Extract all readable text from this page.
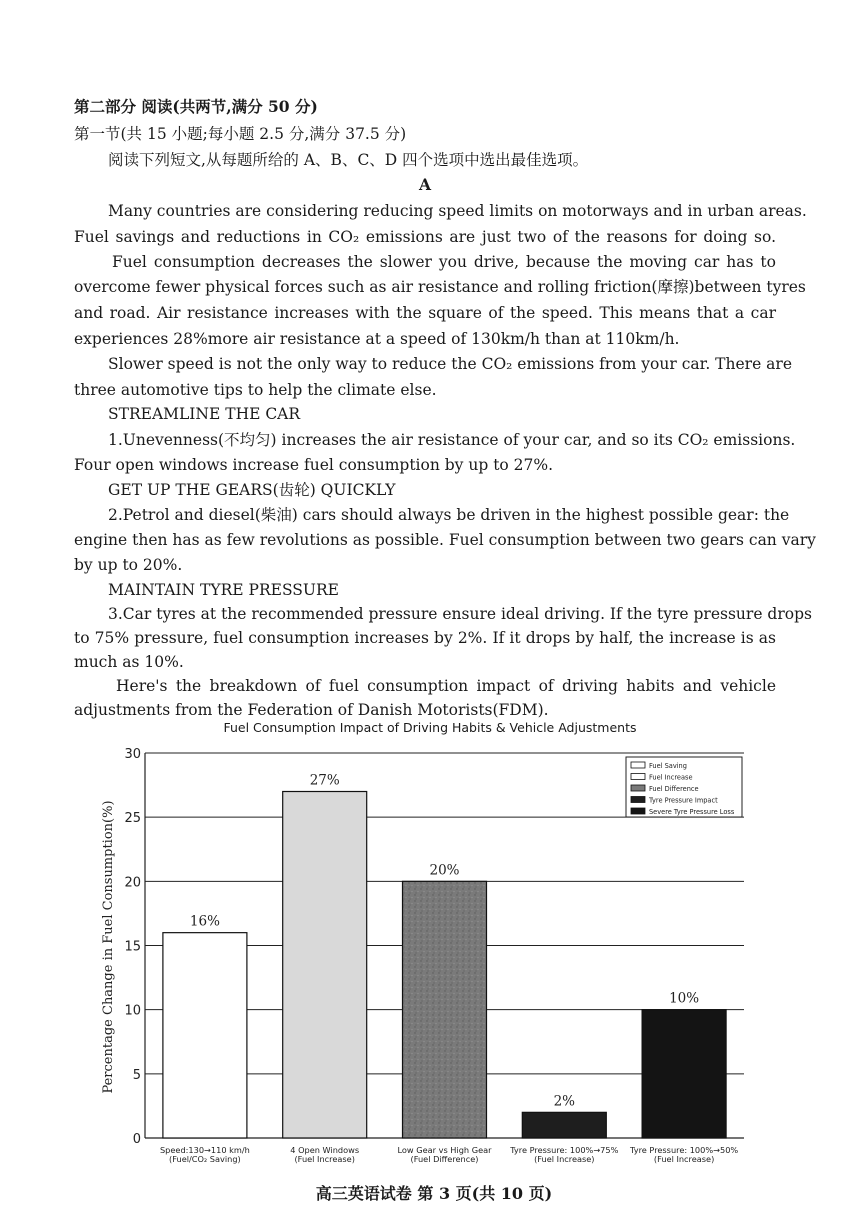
第二部分 阅读(共两节,满分 50 分)
第一节(共 15 小题;每小题 2.5 分,满分 37.5 分)
阅读下列短文,从每题所给的 A、B、C、D 四个选项中选出最佳选项。
A
Many countries are considering reducing speed limits on motorways and in urban areas.
Fuel savings and reductions in CO₂ emissions are just two of the reasons for doing so.
Fuel consumption decreases the slower you drive, because the moving car has to
overcome fewer physical forces such as air resistance and rolling friction(摩擦)between tyres
and road. Air resistance increases with the square of the speed. This means that a car
experiences 28%more air resistance at a speed of 130km/h than at 110km/h.
Slower speed is not the only way to reduce the CO₂ emissions from your car. There are
three automotive tips to help the climate else.
STREAMLINE THE CAR
1.Unevenness(不均匀) increases the air resistance of your car, and so its CO₂ emissions.
Four open windows increase fuel consumption by up to 27%.
GET UP THE GEARS(齿轮) QUICKLY
2.Petrol and diesel(柴油) cars should always be driven in the highest possible gear: the
engine then has as few revolutions as possible. Fuel consumption between two gears can vary
by up to 20%.
MAINTAIN TYRE PRESSURE
3.Car tyres at the recommended pressure ensure ideal driving. If the tyre pressure drops
to 75% pressure, fuel consumption increases by 2%. If it drops by half, the increase is as
much as 10%.
Here's the breakdown of fuel consumption impact of driving habits and vehicle
adjustments from the Federation of Danish Motorists(FDM).
Fuel Consumption Impact of Driving Habits & Vehicle Adjustments
0
5
10
15
20
25
30
16%
Speed:130→110 km/h
(Fuel/CO₂ Saving)
27%
4 Open Windows
(Fuel Increase)
20%
Low Gear vs High Gear
(Fuel Difference)
2%
Tyre Pressure: 100%→75%
(Fuel Increase)
10%
Tyre Pressure: 100%→50%
(Fuel Increase)
Fuel Saving
Fuel Increase
Fuel Difference
Tyre Pressure Impact
Severe Tyre Pressure Loss
Percentage Change in Fuel Consumption(%)
高三英语试卷 第 3 页(共 10 页)
